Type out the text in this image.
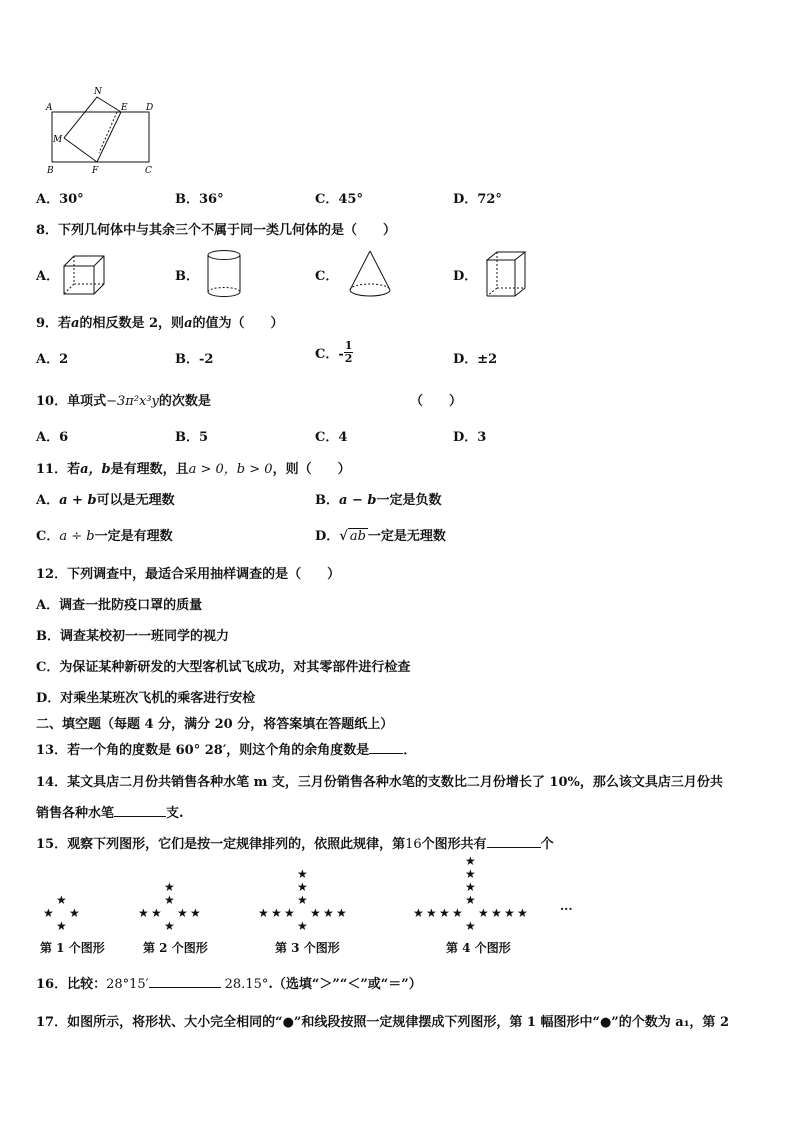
A
N
E D
M
B	F	C
A．30°	B．36°	C．45°	D．72°
8．下列几何体中与其余三个不属于同一类几何体的是（　　）
A．	B．	C．	D．
9．若a的相反数是 2，则a的值为（　　）
A．2	B．-2	C．- $\frac{1}{2}$	D．±2
10．单项式−3π²x³y的次数是	（　　）
A．6	B．5	C．4	D．3
11．若a，b是有理数，且a > 0，b > 0，则（　　）
A．a + b可以是无理数	B．a − b一定是负数
C．a ÷ b一定是有理数	D．√ ab 一定是无理数
12．下列调查中，最适合采用抽样调查的是（　　）
A．调查一批防疫口罩的质量
B．调查某校初一一班同学的视力
C．为保证某种新研发的大型客机试飞成功，对其零部件进行检查
D．对乘坐某班次飞机的乘客进行安检
二、填空题（每题 4 分，满分 20 分，将答案填在答题纸上）
13．若一个角的度数是 60° 28′，则这个角的余角度数是	．
14．某文具店二月份共销售各种水笔 m 支，三月份销售各种水笔的支数比二月份增长了 10%，那么该文具店三月份共
销售各种水笔	支.
15．观察下列图形，它们是按一定规律排列的，依照此规律，第16个图形共有	个
★ ★
★
★
★ ★
★
★	★
★
★
★ ★
★
★	★
★
★	★
★
★
★ ★
★
★	★
★
★	★
★
★	★
★
★
···
第 1 个图形	第 2 个图形	第 3 个图形	第 4 个图形
16．比较：28°15′	28.15°.（选填“＞”“＜”或“＝”）
17．如图所示，将形状、大小完全相同的“●”和线段按照一定规律摆成下列图形，第 1 幅图形中“●”的个数为 a₁，第 2
